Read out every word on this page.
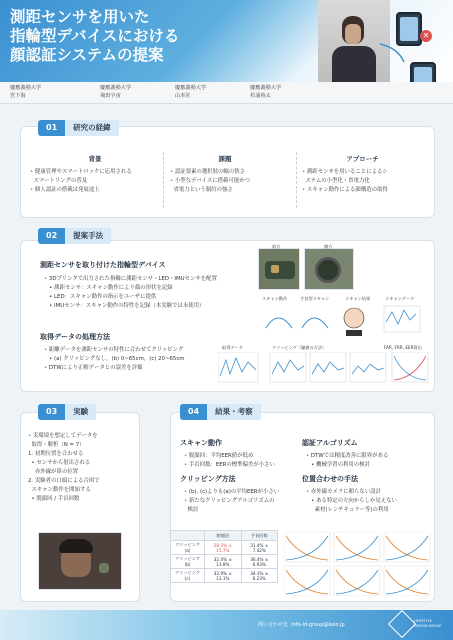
測距センサを用いた
指輪型デバイスにおける
顔認証システムの提案
✕
慶應義塾大学
宮下海
慶應義塾大学
飛田宇宙
慶應義塾大学
山本匠
慶應義塾大学
杉浦裕太
01 研究の経緯
背景
• 健康管理やスマートロックに応用される
スマートリングの普及
• 個人認証の搭載は発展途上
課題
• 認証要素の選択肢の幅の狭さ
• 小型なデバイスに搭載可能かつ
省電力という制約の強さ
アプローチ
• 測距センサを用いることによるシ
ステムの小型化・省電力化
• スキャン動作による顔構造の取得
02 提案手法
測距センサを取り付けた指輪型デバイス
• 3Dプリンタで出力された指輪に測距センサ・LED・IMUセンサを配置
• 測距センサ：スキャン動作により顔の形状を記録
• LED：スキャン動作の指示をユーザに提供
• IMUセンサ：スキャン動作の特性を記録（本実験では未使用）
取得データの処理方法
• 距離データを測距センサの特性に合わせてクリッピング
• (a) クリッピングなし，(b) 0~65cm，(c) 20~65cm
• DTWにより正解データとの誤差を評価
前方	側方
スキャン動作	手首型スキャン	スキャン結果	スキャンデータ
取得データ	クリッピング（閾値の方法）	FAR, FRR, EER算出
03 実験
• 実環境を想定してデータを
取得・解析（N = 7）
1. 初期位置を合わせる
• センサから射出される
赤外線が鼻の位置
2. 実験者の口頭による合図で
スキャン動作を開始する
• 脱顔回 / 手首回数
04 結果・考察
スキャン動作
• 脱顔回：平均EER値が低め
• 手首回数：EERの標準偏差が小さい
クリッピング方法
• (b), (c)よりも(a)の平均EERが小さい
• 新たなクリッピングアルゴリズムの
検討
認証アルゴリズム
• DTWでは精度改善に限界がある
• 機械学習の利用の検討
位置合わせの手法
• 赤外線カメラに頼らない設計
• ある特定の方向からしか見えない
素材(レンチキュラー等)の利用
	脱顔回	手首回数
クリッピング(a)	28.3% ± 15.7%	31.4% ± 7.42%
クリッピング(b)	32.4% ± 13.8%	36.4% ± 6.93%
クリッピング(c)	32.9% ± 13.1%	34.3% ± 6.23%
問い合わせ先 info-ld-group@keio.jp
LIFESTYLE
DESIGN GROUP
